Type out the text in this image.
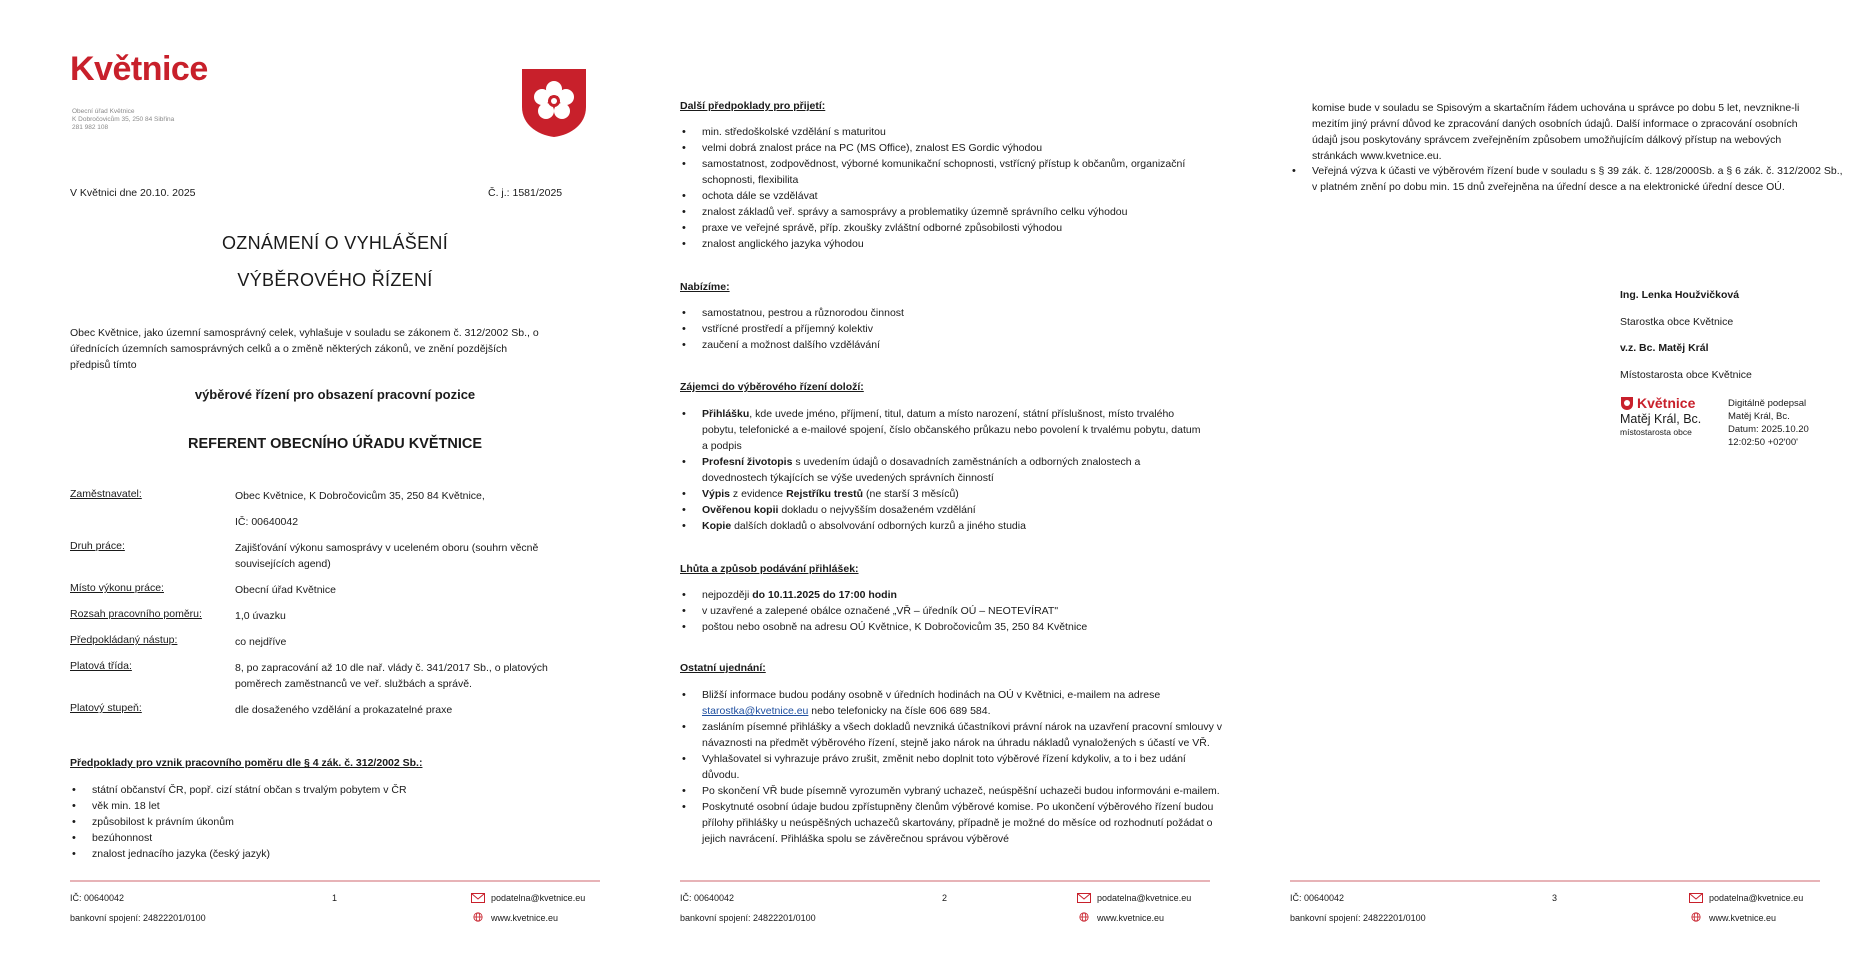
Květnice
Obecní úřad Květnice
K Dobročovicům 35, 250 84 Sibřina
281 982 108
V Květnici dne 20.10. 2025	Č. j.: 1581/2025
OZNÁMENÍ O VYHLÁŠENÍ
VÝBĚROVÉHO ŘÍZENÍ
Obec Květnice, jako územní samosprávný celek, vyhlašuje v souladu se zákonem č. 312/2002 Sb., o
úřednících územních samosprávných celků a o změně některých zákonů, ve znění pozdějších
předpisů tímto
výběrové řízení pro obsazení pracovní pozice
REFERENT OBECNÍHO ÚŘADU KVĚTNICE
Zaměstnavatel:	Obec Květnice, K Dobročovicům 35, 250 84 Květnice,
IČ: 00640042
Druh práce:	Zajišťování výkonu samosprávy v uceleném oboru (souhrn věcně souvisejících agend)
Místo výkonu práce:	Obecní úřad Květnice
Rozsah pracovního poměru:	1,0 úvazku
Předpokládaný nástup:	co nejdříve
Platová třída:	8, po zapracování až 10 dle nař. vlády č. 341/2017 Sb., o platových poměrech zaměstnanců ve veř. službách a správě.
Platový stupeň:	dle dosaženého vzdělání a prokazatelné praxe
Předpoklady pro vznik pracovního poměru dle § 4 zák. č. 312/2002 Sb.:
• státní občanství ČR, popř. cizí státní občan s trvalým pobytem v ČR
• věk min. 18 let
• způsobilost k právním úkonům
• bezúhonnost
• znalost jednacího jazyka (český jazyk)
IČ: 00640042	1	podatelna@kvetnice.eu
bankovní spojení: 24822201/0100	www.kvetnice.eu
Další předpoklady pro přijetí:
• min. středoškolské vzdělání s maturitou
• velmi dobrá znalost práce na PC (MS Office), znalost ES Gordic výhodou
• samostatnost, zodpovědnost, výborné komunikační schopnosti, vstřícný přístup k občanům, organizační schopnosti, flexibilita
• ochota dále se vzdělávat
• znalost základů veř. správy a samosprávy a problematiky územně správního celku výhodou
• praxe ve veřejné správě, příp. zkoušky zvláštní odborné způsobilosti výhodou
• znalost anglického jazyka výhodou
Nabízíme:
• samostatnou, pestrou a různorodou činnost
• vstřícné prostředí a příjemný kolektiv
• zaučení a možnost dalšího vzdělávání
Zájemci do výběrového řízení doloží:
• Přihlášku, kde uvede jméno, příjmení, titul, datum a místo narození, státní příslušnost, místo trvalého pobytu, telefonické a e-mailové spojení, číslo občanského průkazu nebo povolení k trvalému pobytu, datum a podpis
• Profesní životopis s uvedením údajů o dosavadních zaměstnáních a odborných znalostech a dovednostech týkajících se výše uvedených správních činností
• Výpis z evidence Rejstříku trestů (ne starší 3 měsíců)
• Ověřenou kopii dokladu o nejvyšším dosaženém vzdělání
• Kopie dalších dokladů o absolvování odborných kurzů a jiného studia
Lhůta a způsob podávání přihlášek:
• nejpozději do 10.11.2025 do 17:00 hodin
• v uzavřené a zalepené obálce označené „VŘ – úředník OÚ – NEOTEVÍRAT"
• poštou nebo osobně na adresu OÚ Květnice, K Dobročovicům 35, 250 84 Květnice
Ostatní ujednání:
• Bližší informace budou podány osobně v úředních hodinách na OÚ v Květnici, e-mailem na adrese starostka@kvetnice.eu nebo telefonicky na čísle 606 689 584.
• zasláním písemné přihlášky a všech dokladů nevzniká účastníkovi právní nárok na uzavření pracovní smlouvy v návaznosti na předmět výběrového řízení, stejně jako nárok na úhradu nákladů vynaložených s účastí ve VŘ.
• Vyhlašovatel si vyhrazuje právo zrušit, změnit nebo doplnit toto výběrové řízení kdykoliv, a to i bez udání důvodu.
• Po skončení VŘ bude písemně vyrozuměn vybraný uchazeč, neúspěšní uchazeči budou informováni e-mailem.
• Poskytnuté osobní údaje budou zpřístupněny členům výběrové komise. Po ukončení výběrového řízení budou přílohy přihlášky u neúspěšných uchazečů skartovány, případně je možné do měsíce od rozhodnutí požádat o jejich navrácení. Přihláška spolu se závěrečnou správou výběrové
IČ: 00640042	2	podatelna@kvetnice.eu
bankovní spojení: 24822201/0100	www.kvetnice.eu
komise bude v souladu se Spisovým a skartačním řádem uchována u správce po dobu 5 let, nevznikne-li mezitím jiný právní důvod ke zpracování daných osobních údajů. Další informace o zpracování osobních údajů jsou poskytovány správcem zveřejněním způsobem umožňujícím dálkový přístup na webových stránkách www.kvetnice.eu.
• Veřejná výzva k účasti ve výběrovém řízení bude v souladu s § 39 zák. č. 128/2000Sb. a § 6 zák. č. 312/2002 Sb., v platném znění po dobu min. 15 dnů zveřejněna na úřední desce a na elektronické úřední desce OÚ.
Ing. Lenka Houžvičková
Starostka obce Květnice
v.z. Bc. Matěj Král
Místostarosta obce Květnice
Květnice
Matěj Král, Bc.
místostarosta obce
Digitálně podepsal
Matěj Král, Bc.
Datum: 2025.10.20
12:02:50 +02'00'
IČ: 00640042	3	podatelna@kvetnice.eu
bankovní spojení: 24822201/0100	www.kvetnice.eu
